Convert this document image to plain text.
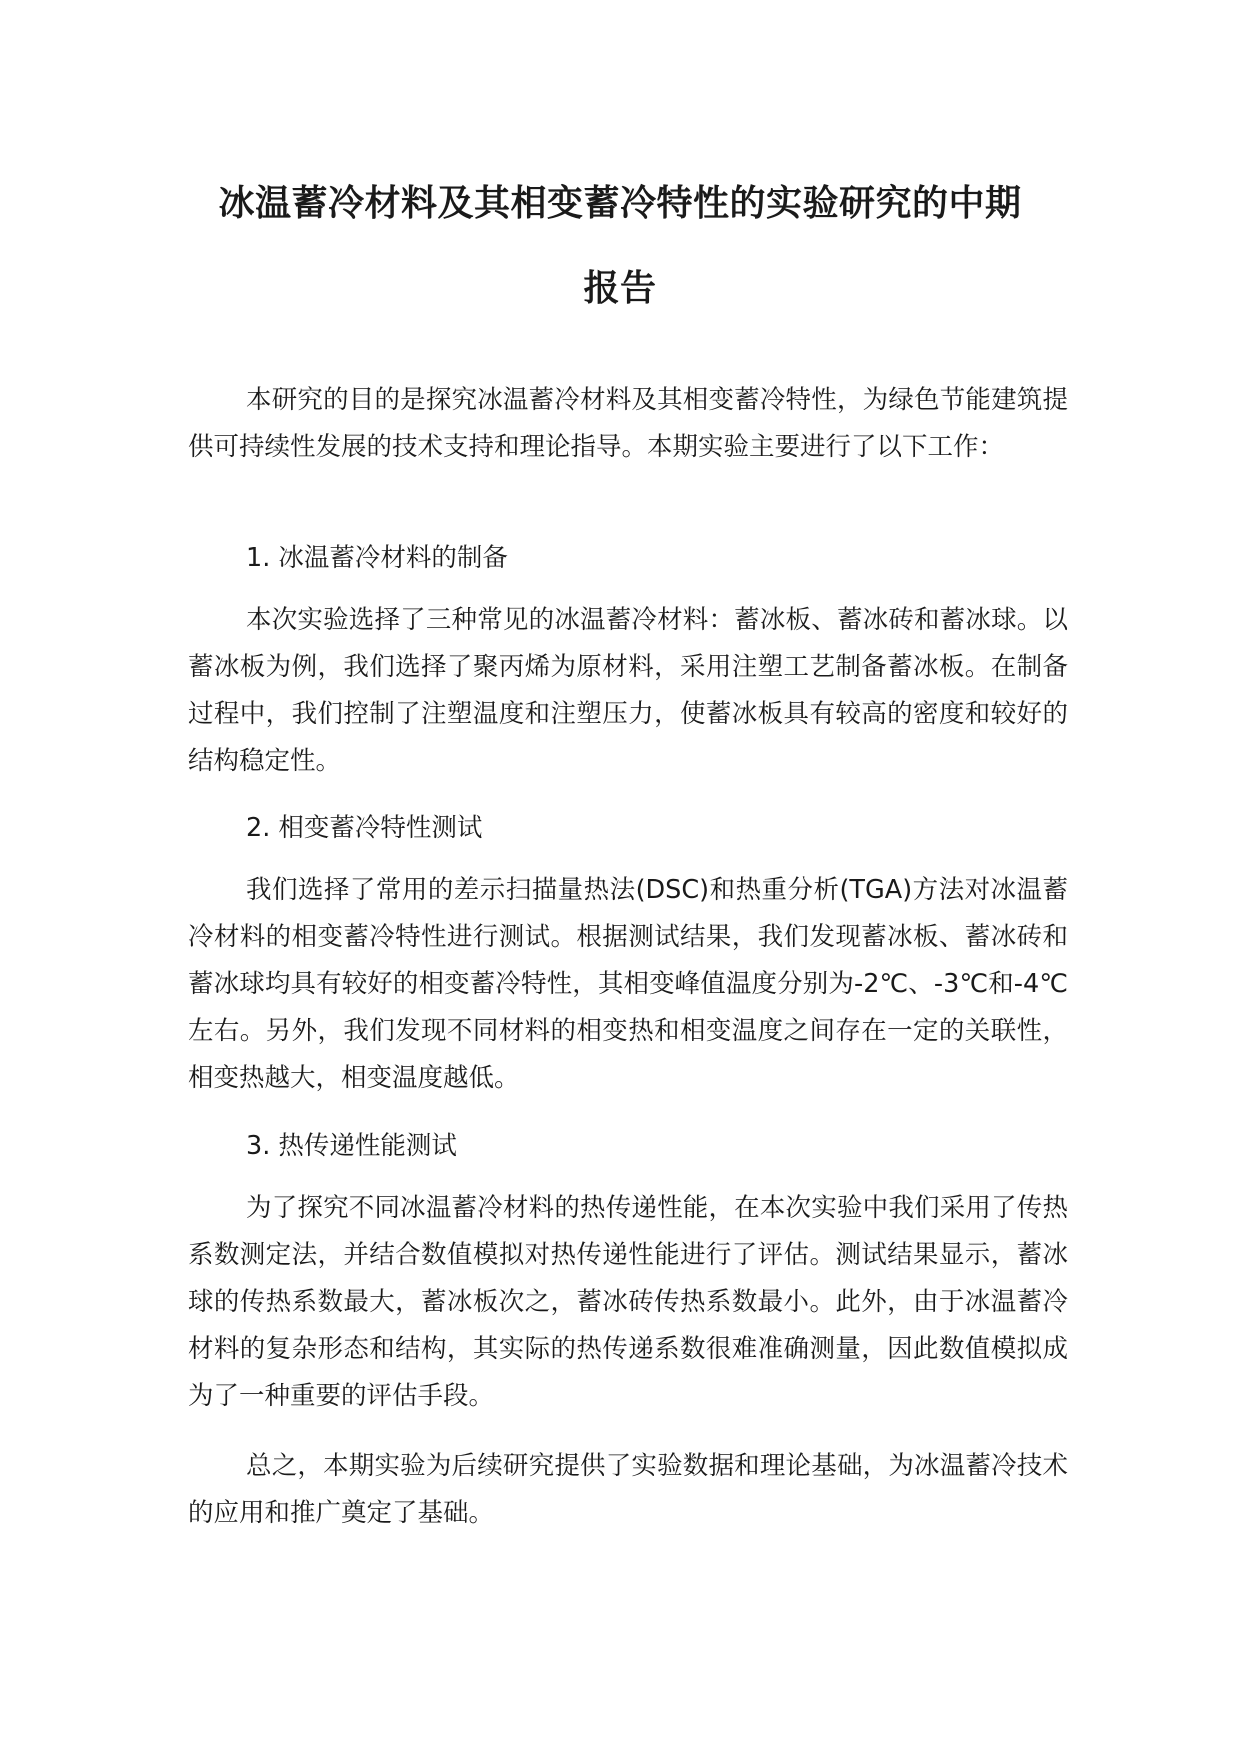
冰温蓄冷材料及其相变蓄冷特性的实验研究的中期
报告
本研究的目的是探究冰温蓄冷材料及其相变蓄冷特性，为绿色节能建筑提供可持续性发展的技术支持和理论指导。本期实验主要进行了以下工作：
1. 冰温蓄冷材料的制备
本次实验选择了三种常见的冰温蓄冷材料：蓄冰板、蓄冰砖和蓄冰球。以蓄冰板为例，我们选择了聚丙烯为原材料，采用注塑工艺制备蓄冰板。在制备过程中，我们控制了注塑温度和注塑压力，使蓄冰板具有较高的密度和较好的结构稳定性。
2. 相变蓄冷特性测试
我们选择了常用的差示扫描量热法(DSC)和热重分析(TGA)方法对冰温蓄冷材料的相变蓄冷特性进行测试。根据测试结果，我们发现蓄冰板、蓄冰砖和蓄冰球均具有较好的相变蓄冷特性，其相变峰值温度分别为-2℃、-3℃和-4℃左右。另外，我们发现不同材料的相变热和相变温度之间存在一定的关联性，相变热越大，相变温度越低。
3. 热传递性能测试
为了探究不同冰温蓄冷材料的热传递性能，在本次实验中我们采用了传热系数测定法，并结合数值模拟对热传递性能进行了评估。测试结果显示，蓄冰球的传热系数最大，蓄冰板次之，蓄冰砖传热系数最小。此外，由于冰温蓄冷材料的复杂形态和结构，其实际的热传递系数很难准确测量，因此数值模拟成为了一种重要的评估手段。
总之，本期实验为后续研究提供了实验数据和理论基础，为冰温蓄冷技术的应用和推广奠定了基础。
